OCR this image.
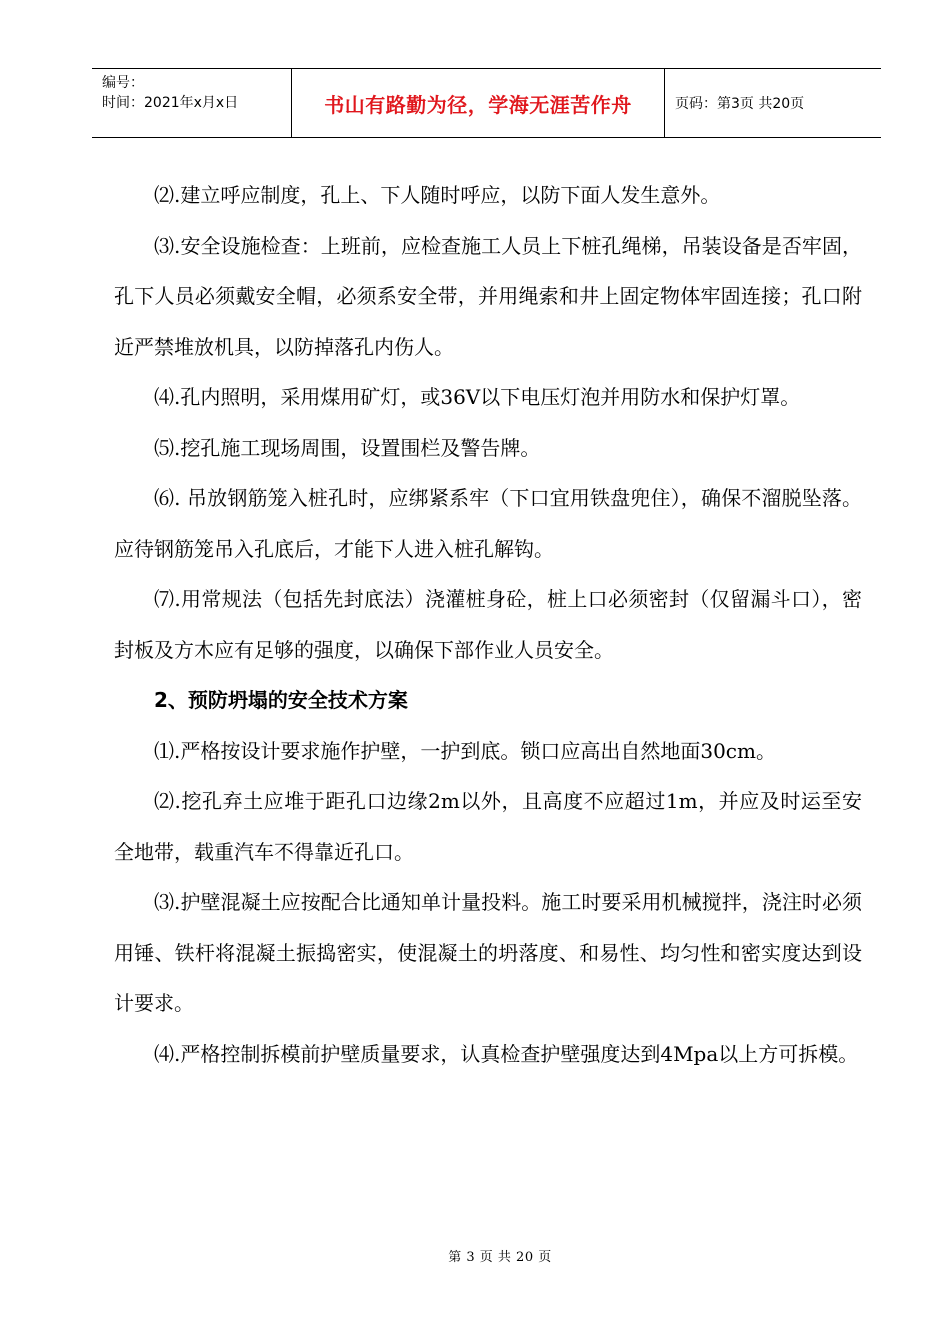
编号：
时间：2021年x月x日	书山有路勤为径，学海无涯苦作舟	页码：第3页 共20页

⑵.建立呼应制度，孔上、下人随时呼应，以防下面人发生意外。

⑶.安全设施检查：上班前，应检查施工人员上下桩孔绳梯，吊装设备是否牢固，孔下人员必须戴安全帽，必须系安全带，并用绳索和井上固定物体牢固连接；孔口附近严禁堆放机具，以防掉落孔内伤人。

⑷.孔内照明，采用煤用矿灯，或36V以下电压灯泡并用防水和保护灯罩。

⑸.挖孔施工现场周围，设置围栏及警告牌。

⑹. 吊放钢筋笼入桩孔时，应绑紧系牢（下口宜用铁盘兜住），确保不溜脱坠落。应待钢筋笼吊入孔底后，才能下人进入桩孔解钩。

⑺.用常规法（包括先封底法）浇灌桩身砼，桩上口必须密封（仅留漏斗口），密封板及方木应有足够的强度，以确保下部作业人员安全。

2、预防坍塌的安全技术方案

⑴.严格按设计要求施作护壁，一护到底。锁口应高出自然地面30cm。

⑵.挖孔弃土应堆于距孔口边缘2m以外，且高度不应超过1m，并应及时运至安全地带，载重汽车不得靠近孔口。

⑶.护壁混凝土应按配合比通知单计量投料。施工时要采用机械搅拌，浇注时必须用锤、铁杆将混凝土振捣密实，使混凝土的坍落度、和易性、均匀性和密实度达到设计要求。

⑷.严格控制拆模前护壁质量要求，认真检查护壁强度达到4Mpa以上方可拆模。

第 3 页 共 20 页
